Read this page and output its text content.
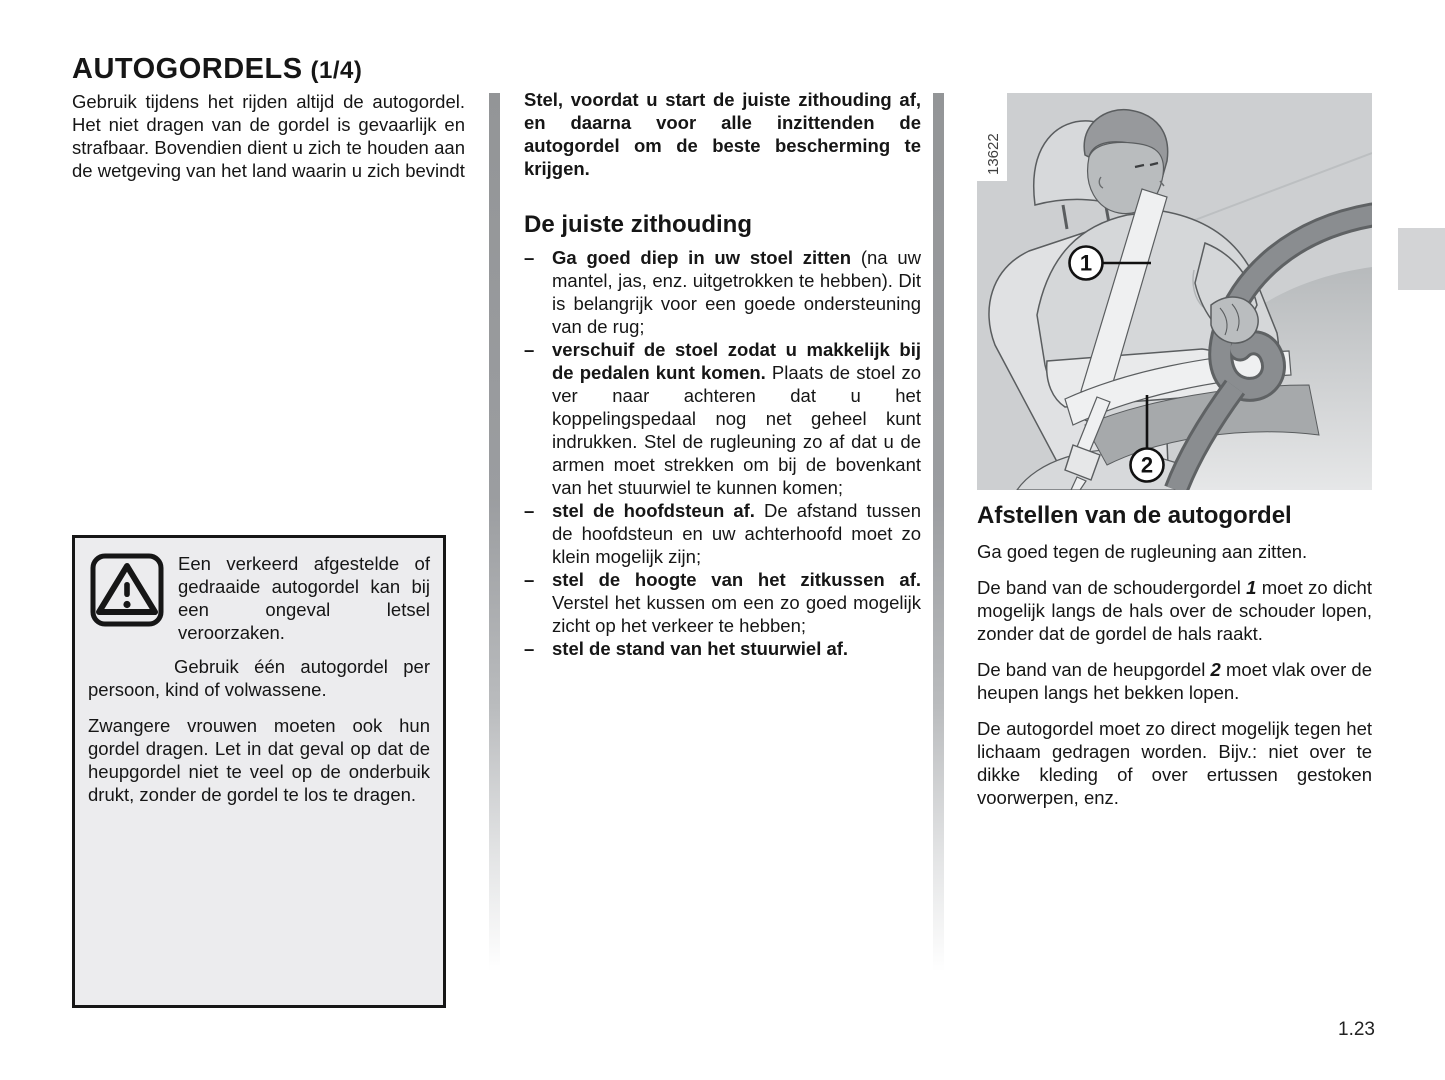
AUTOGORDELS (1/4)

Gebruik tijdens het rijden altijd de autogordel. Het niet dragen van de gordel is gevaarlijk en strafbaar. Bovendien dient u zich te houden aan de wetgeving van het land waarin u zich bevindt

Een verkeerd afgestelde of gedraaide autogordel kan bij een ongeval letsel veroorzaken.

Gebruik één autogordel per persoon, kind of volwassene.

Zwangere vrouwen moeten ook hun gordel dragen. Let in dat geval op dat de heupgordel niet te veel op de onderbuik drukt, zonder de gordel te los te dragen.

Stel, voordat u start de juiste zithouding af, en daarna voor alle inzittenden de autogordel om de beste bescherming te krijgen.

De juiste zithouding
– Ga goed diep in uw stoel zitten (na uw mantel, jas, enz. uitgetrokken te hebben). Dit is belangrijk voor een goede ondersteuning van de rug;
– verschuif de stoel zodat u makkelijk bij de pedalen kunt komen. Plaats de stoel zo ver naar achteren dat u het koppelingspedaal nog net geheel kunt indrukken. Stel de rugleuning zo af dat u de armen moet strekken om bij de bovenkant van het stuurwiel te kunnen komen;
– stel de hoofdsteun af. De afstand tussen de hoofdsteun en uw achterhoofd moet zo klein mogelijk zijn;
– stel de hoogte van het zitkussen af. Verstel het kussen om een zo goed mogelijk zicht op het verkeer te hebben;
– stel de stand van het stuurwiel af.
13622
1
2
Afstellen van de autogordel

Ga goed tegen de rugleuning aan zitten.

De band van de schoudergordel 1 moet zo dicht mogelijk langs de hals over de schouder lopen, zonder dat de gordel de hals raakt.

De band van de heupgordel 2 moet vlak over de heupen langs het bekken lopen.

De autogordel moet zo direct mogelijk tegen het lichaam gedragen worden. Bijv.: niet over te dikke kleding of over ertussen gestoken voorwerpen, enz.

1.23
